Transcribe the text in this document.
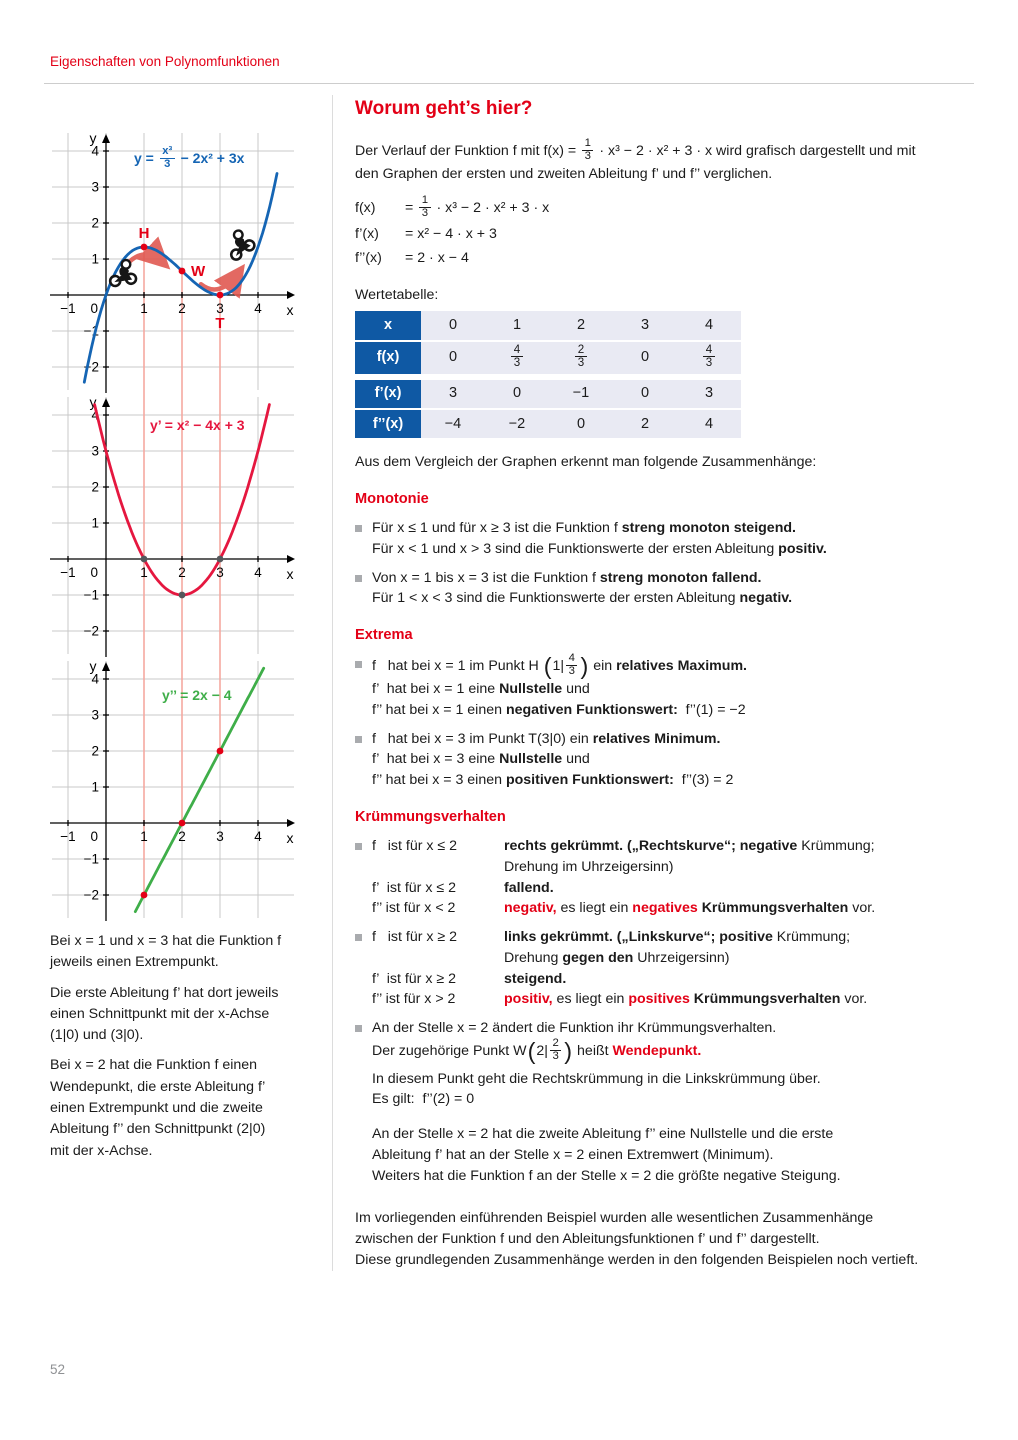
Eigenschaften von Polynomfunktionen
−1	1 2 3 4
−2
−1
1
2
3
4
0	x
y
H
W
T
$y = \frac{\text{x³}}{3} - 2x^2 + 3x$
−1	1 2 3 4
−2
−1
1
2
3
4
0	x
y
y’ = x² − 4x + 3
−1	1 2 3 4
−2
−1
1
2
3
4
0	x
y
y’’ = 2x − 4
Bei x = 1 und x = 3 hat die Funktion f
jeweils einen Extrempunkt.
Die erste Ableitung f’ hat dort jeweils
einen Schnittpunkt mit der x-Achse
(1|0) und (3|0).
Bei x = 2 hat die Funktion f einen
Wendepunkt, die erste Ableitung f’
einen Extrempunkt und die zweite
Ableitung f’’ den Schnittpunkt (2|0)
mit der x-Achse.
Worum geht’s hier?
Der Verlauf der Funktion f mit $f(x) = \frac{1}{3} \cdot x^3 - 2 \cdot x^2 + 3 \cdot x$ wird grafisch dargestellt und mit
den Graphen der ersten und zweiten Ableitung f’ und f’’ verglichen.
f(x)	= $\frac{1}{3} \cdot x^3 - 2 \cdot x^2 + 3 \cdot x$
f’(x)	= x² − 4 · x + 3
f’’(x)	= 2 · x − 4
Wertetabelle:
x	0	1	2	3	4
f(x)	0	$\frac{4}{3}$	$\frac{2}{3}$	0	$\frac{4}{3}$

f’(x)	3	0	−1	0	3
f’’(x)	−4	−2	0	2	4
Aus dem Vergleich der Graphen erkennt man folgende Zusammenhänge:
Monotonie
Für x ≤ 1 und für x ≥ 3 ist die Funktion f streng monoton steigend.
Für x < 1 und x > 3 sind die Funktionswerte der ersten Ableitung positiv.
Von x = 1 bis x = 3 ist die Funktion f streng monoton fallend.
Für 1 < x < 3 sind die Funktionswerte der ersten Ableitung negativ.
Extrema
f   hat bei x = 1 im Punkt H ($1| \frac{4}{3}$ ) ein relatives Maximum.
f’  hat bei x = 1 eine Nullstelle und
f’’ hat bei x = 1 einen negativen Funktionswert:  f’’(1) = −2
f   hat bei x = 3 im Punkt T(3|0) ein relatives Minimum.
f’  hat bei x = 3 eine Nullstelle und
f’’ hat bei x = 3 einen positiven Funktionswert:  f’’(3) = 2
Krümmungsverhalten
f   ist für x ≤ 2	rechts gekrümmt. („Rechtskurve“; negative Krümmung;
Drehung im Uhrzeigersinn)
f’  ist für x ≤ 2	fallend.
f’’ ist für x < 2	negativ, es liegt ein negatives Krümmungsverhalten vor.
f   ist für x ≥ 2	links gekrümmt. („Linkskurve“; positive Krümmung;
Drehung gegen den Uhrzeigersinn)
f’  ist für x ≥ 2	steigend.
f’’ ist für x > 2	positiv, es liegt ein positives Krümmungsverhalten vor.
An der Stelle x = 2 ändert die Funktion ihr Krümmungsverhalten.
Der zugehörige Punkt $W(2| \frac{2}{3}$ ) heißt Wendepunkt.
In diesem Punkt geht die Rechtskrümmung in die Linkskrümmung über.
Es gilt:  f’’(2) = 0
An der Stelle x = 2 hat die zweite Ableitung f’’ eine Nullstelle und die erste
Ableitung f’ hat an der Stelle x = 2 einen Extremwert (Minimum).
Weiters hat die Funktion f an der Stelle x = 2 die größte negative Steigung.
Im vorliegenden einführenden Beispiel wurden alle wesentlichen Zusammenhänge
zwischen der Funktion f und den Ableitungsfunktionen f’ und f’’ dargestellt.
Diese grundlegenden Zusammenhänge werden in den folgenden Beispielen noch vertieft.
52
